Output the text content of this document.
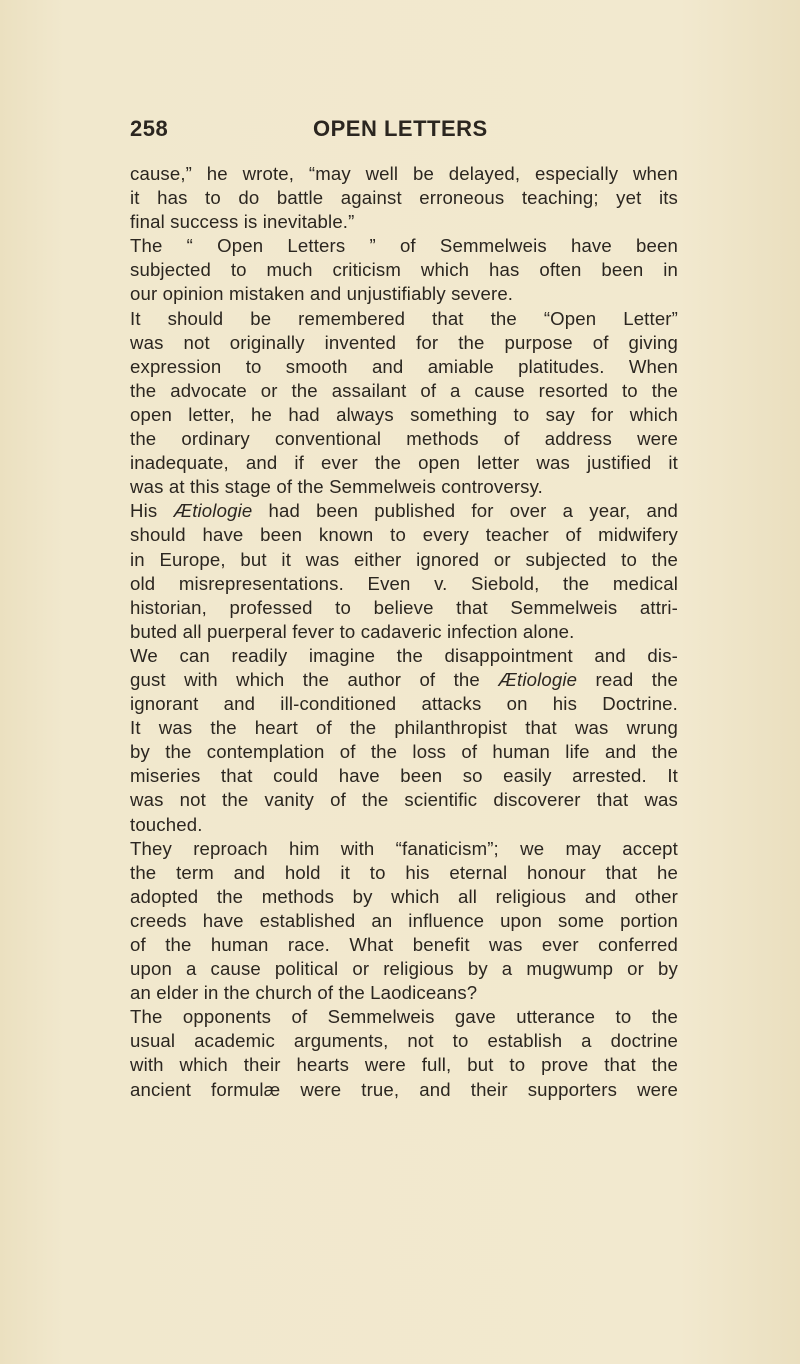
258	OPEN LETTERS
cause,” he wrote, “may well be delayed, especially when
it has to do battle against erroneous teaching; yet its
final success is inevitable.”
The “ Open Letters ” of Semmelweis have been
subjected to much criticism which has often been in
our opinion mistaken and unjustifiably severe.
It should be remembered that the “Open Letter”
was not originally invented for the purpose of giving
expression to smooth and amiable platitudes. When
the advocate or the assailant of a cause resorted to the
open letter, he had always something to say for which
the ordinary conventional methods of address were
inadequate, and if ever the open letter was justified it
was at this stage of the Semmelweis controversy.
His Ætiologie had been published for over a year, and
should have been known to every teacher of midwifery
in Europe, but it was either ignored or subjected to the
old misrepresentations. Even v. Siebold, the medical
historian, professed to believe that Semmelweis attri-
buted all puerperal fever to cadaveric infection alone.
We can readily imagine the disappointment and dis-
gust with which the author of the Ætiologie read the
ignorant and ill-conditioned attacks on his Doctrine.
It was the heart of the philanthropist that was wrung
by the contemplation of the loss of human life and the
miseries that could have been so easily arrested. It
was not the vanity of the scientific discoverer that was
touched.
They reproach him with “fanaticism”; we may accept
the term and hold it to his eternal honour that he
adopted the methods by which all religious and other
creeds have established an influence upon some portion
of the human race. What benefit was ever conferred
upon a cause political or religious by a mugwump or by
an elder in the church of the Laodiceans?
The opponents of Semmelweis gave utterance to the
usual academic arguments, not to establish a doctrine
with which their hearts were full, but to prove that the
ancient formulæ were true, and their supporters were
